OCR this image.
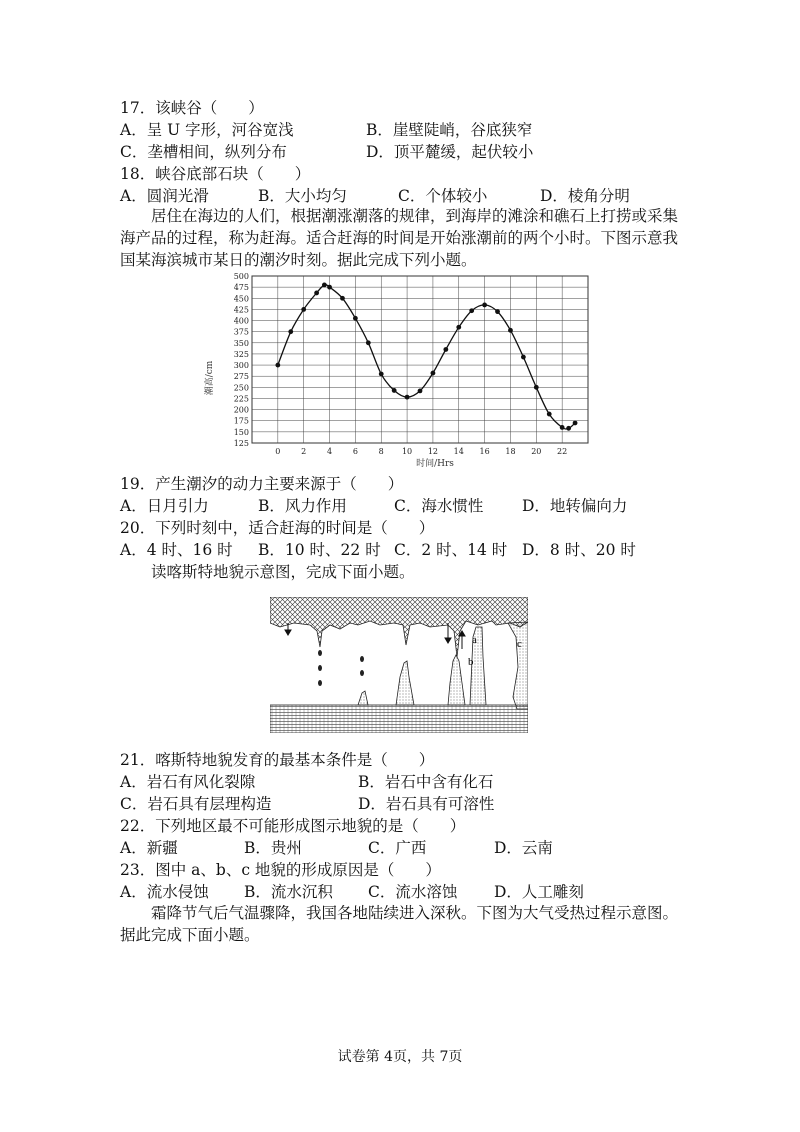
17．该峡谷（　　）
A．呈 U 字形，河谷宽浅	B．崖壁陡峭，谷底狭窄
C．垄槽相间，纵列分布	D．顶平麓缓，起伏较小
18．峡谷底部石块（　　）
A．圆润光滑	B．大小均匀	C．个体较小	D．棱角分明
居住在海边的人们，根据潮涨潮落的规律，到海岸的滩涂和礁石上打捞或采集海产品的过程，称为赶海。适合赶海的时间是开始涨潮前的两个小时。下图示意我国某海滨城市某日的潮汐时刻。据此完成下列小题。
125
150
175
200
225
250
275
300
325
350
375
400
425
450
475
500
0	2	4	6	8 10 12 14 16 18 20 22
潮高/cm
时间/Hrs
19．产生潮汐的动力主要来源于（　　）
A．日月引力	B．风力作用	C．海水惯性 D．地转偏向力
20．下列时刻中，适合赶海的时间是（　　）
A．4 时、16 时 B．10 时、22 时 C．2 时、14 时 D．8 时、20 时
读喀斯特地貌示意图，完成下面小题。
a
b
c
21．喀斯特地貌发育的最基本条件是（　　）
A．岩石有风化裂隙	B．岩石中含有化石
C．岩石具有层理构造	D．岩石具有可溶性
22．下列地区最不可能形成图示地貌的是（　　）
A．新疆	B．贵州	C．广西	D．云南
23．图中 a、b、c 地貌的形成原因是（　　）
A．流水侵蚀 B．流水沉积 C．流水溶蚀 D．人工雕刻
霜降节气后气温骤降，我国各地陆续进入深秋。下图为大气受热过程示意图。据此完成下面小题。
试卷第 4页，共 7页
